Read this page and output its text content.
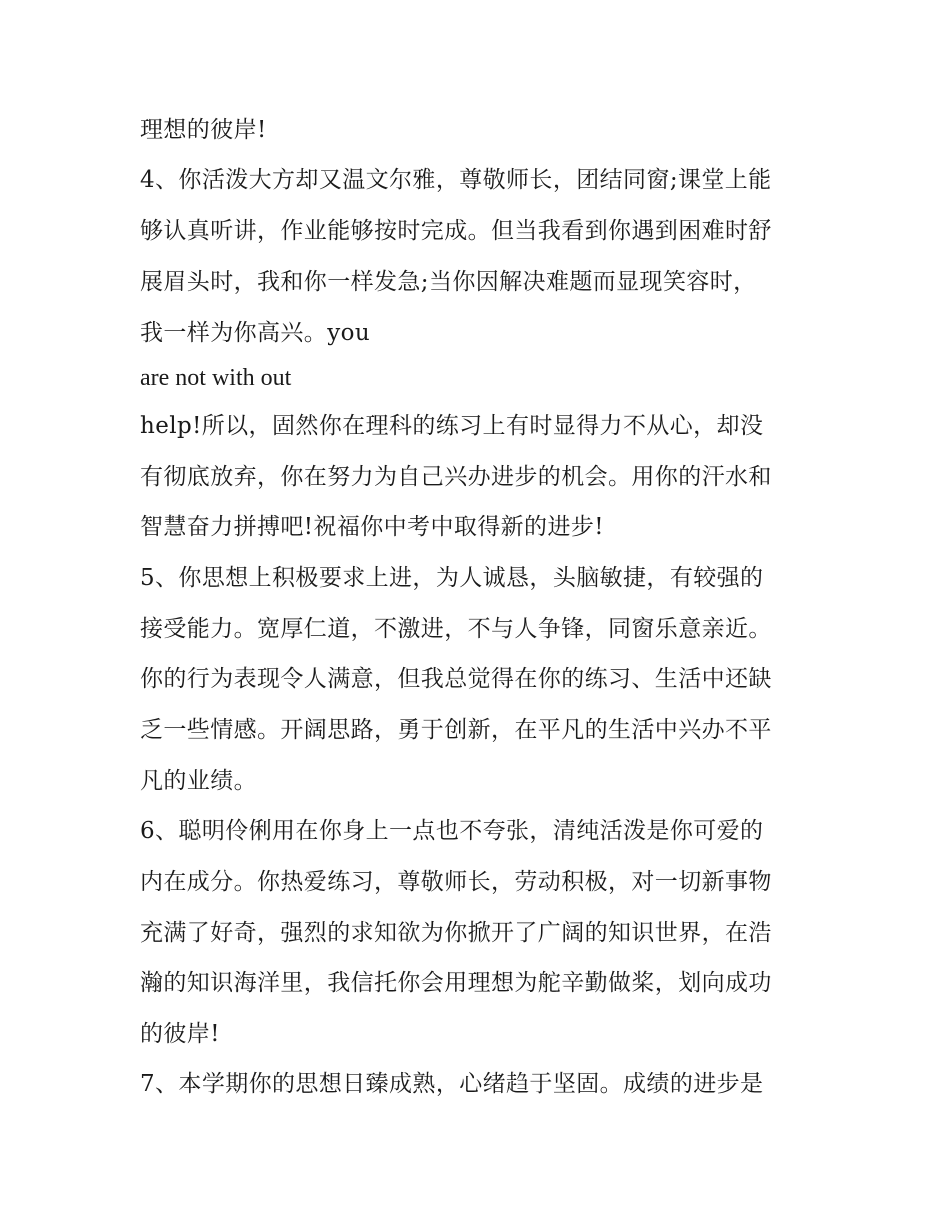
理想的彼岸!
4、你活泼大方却又温文尔雅，尊敬师长，团结同窗;课堂上能
够认真听讲，作业能够按时完成。但当我看到你遇到困难时舒
展眉头时，我和你一样发急;当你因解决难题而显现笑容时，
我一样为你高兴。you
are not with out
help!所以，固然你在理科的练习上有时显得力不从心，却没
有彻底放弃，你在努力为自己兴办进步的机会。用你的汗水和
智慧奋力拼搏吧!祝福你中考中取得新的进步!
5、你思想上积极要求上进，为人诚恳，头脑敏捷，有较强的
接受能力。宽厚仁道，不激进，不与人争锋，同窗乐意亲近。
你的行为表现令人满意，但我总觉得在你的练习、生活中还缺
乏一些情感。开阔思路，勇于创新，在平凡的生活中兴办不平
凡的业绩。
6、聪明伶俐用在你身上一点也不夸张，清纯活泼是你可爱的
内在成分。你热爱练习，尊敬师长，劳动积极，对一切新事物
充满了好奇，强烈的求知欲为你掀开了广阔的知识世界，在浩
瀚的知识海洋里，我信托你会用理想为舵辛勤做桨，划向成功
的彼岸!
7、本学期你的思想日臻成熟，心绪趋于坚固。成绩的进步是
